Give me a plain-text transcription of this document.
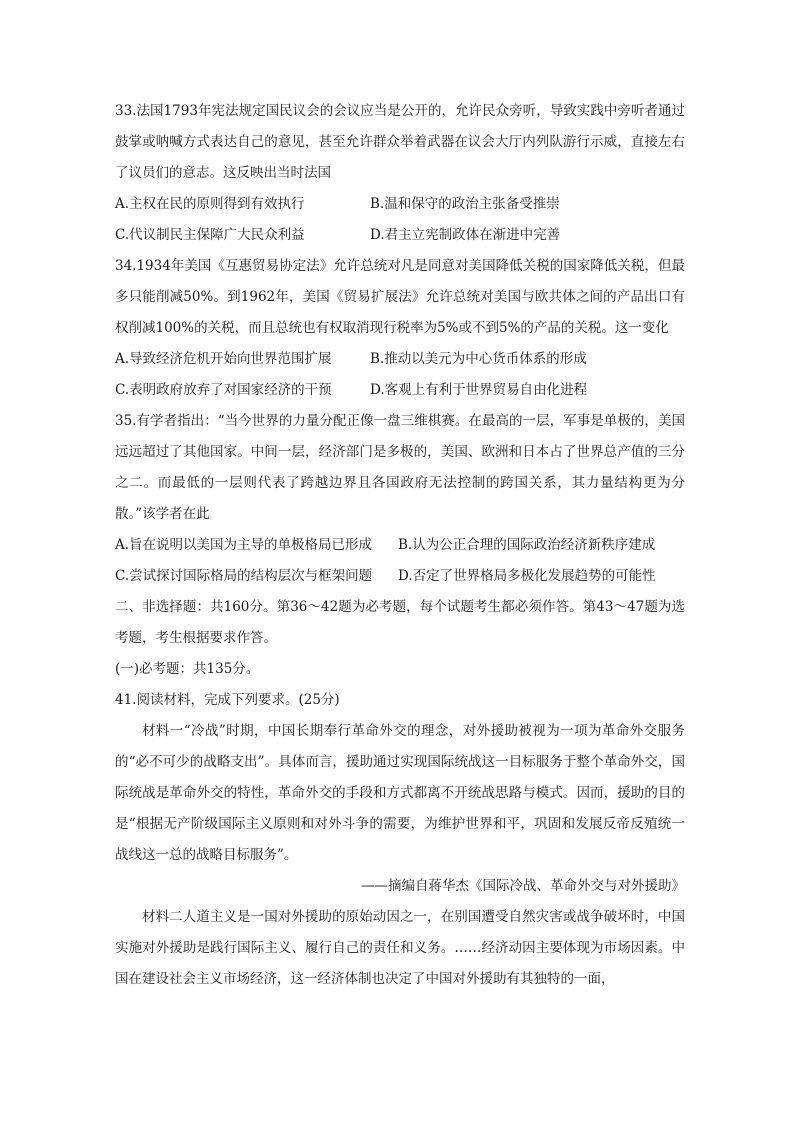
33.法国1793年宪法规定国民议会的会议应当是公开的，允许民众旁听，导致实践中旁听者通过鼓掌或呐喊方式表达自己的意见，甚至允许群众举着武器在议会大厅内列队游行示威，直接左右了议员们的意志。这反映出当时法国

A.主权在民的原则得到有效执行	B.温和保守的政治主张备受推崇
C.代议制民主保障广大民众利益	D.君主立宪制政体在渐进中完善

34.1934年美国《互惠贸易协定法》允许总统对凡是同意对美国降低关税的国家降低关税，但最多只能削减50%。到1962年，美国《贸易扩展法》允许总统对美国与欧共体之间的产品出口有权削减100%的关税，而且总统也有权取消现行税率为5%或不到5%的产品的关税。这一变化

A.导致经济危机开始向世界范围扩展	B.推动以美元为中心货币体系的形成
C.表明政府放弃了对国家经济的干预	D.客观上有利于世界贸易自由化进程

35.有学者指出：“当今世界的力量分配正像一盘三维棋赛。在最高的一层，军事是单极的，美国远远超过了其他国家。中间一层，经济部门是多极的，美国、欧洲和日本占了世界总产值的三分之二。而最低的一层则代表了跨越边界且各国政府无法控制的跨国关系，其力量结构更为分散。”该学者在此

A.旨在说明以美国为主导的单极格局已形成	B.认为公正合理的国际政治经济新秩序建成
C.尝试探讨国际格局的结构层次与框架问题	D.否定了世界格局多极化发展趋势的可能性

二、非选择题：共160分。第36～42题为必考题，每个试题考生都必须作答。第43～47题为选考题，考生根据要求作答。

(一)必考题：共135分。

41.阅读材料，完成下列要求。(25分)

材料一“冷战”时期，中国长期奉行革命外交的理念，对外援助被视为一项为革命外交服务的“必不可少的战略支出”。具体而言，援助通过实现国际统战这一目标服务于整个革命外交，国际统战是革命外交的特性，革命外交的手段和方式都离不开统战思路与模式。因而，援助的目的是“根据无产阶级国际主义原则和对外斗争的需要，为维护世界和平，巩固和发展反帝反殖统一战线这一总的战略目标服务”。

——摘编自蒋华杰《国际冷战、革命外交与对外援助》

材料二人道主义是一国对外援助的原始动因之一，在别国遭受自然灾害或战争破坏时，中国实施对外援助是践行国际主义、履行自己的责任和义务。……经济动因主要体现为市场因素。中国在建设社会主义市场经济，这一经济体制也决定了中国对外援助有其独特的一面，
